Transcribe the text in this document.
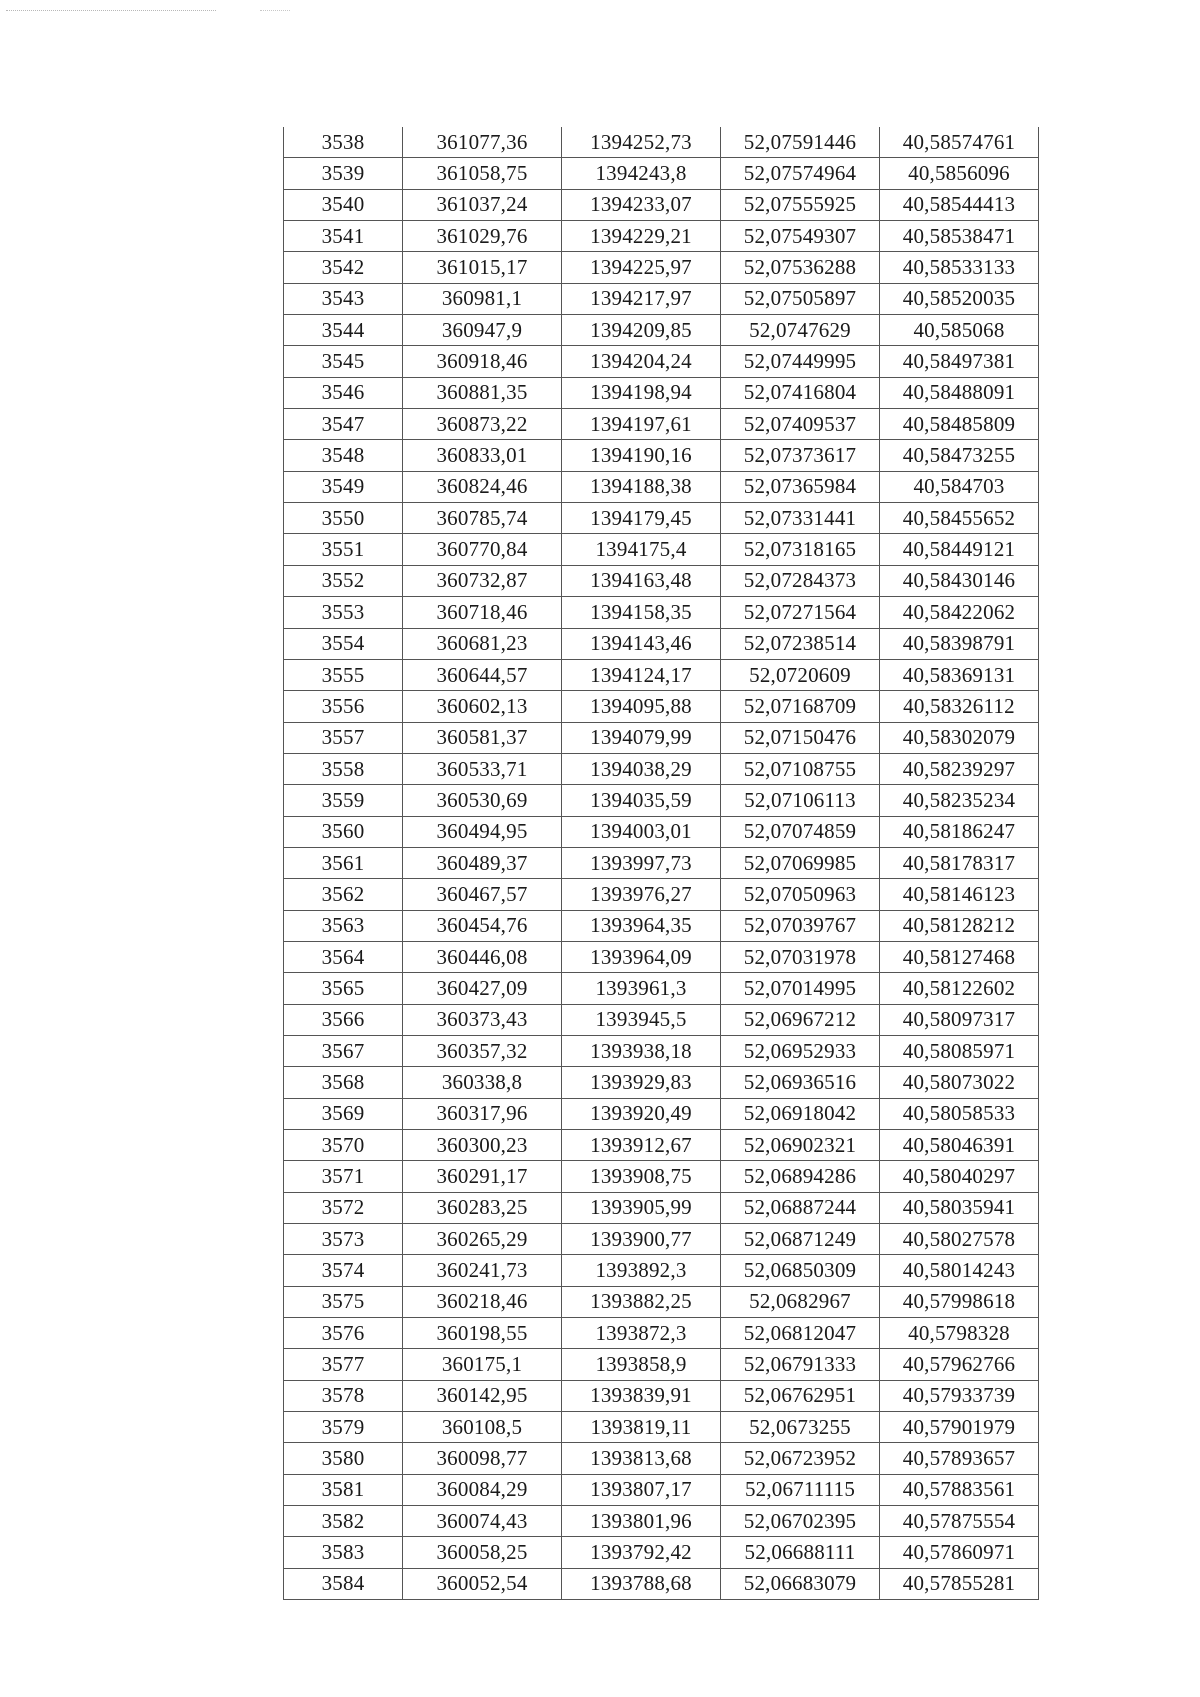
3538	361077,36	1394252,73	52,07591446	40,58574761
3539	361058,75	1394243,8	52,07574964	40,5856096
3540	361037,24	1394233,07	52,07555925	40,58544413
3541	361029,76	1394229,21	52,07549307	40,58538471
3542	361015,17	1394225,97	52,07536288	40,58533133
3543	360981,1	1394217,97	52,07505897	40,58520035
3544	360947,9	1394209,85	52,0747629	40,585068
3545	360918,46	1394204,24	52,07449995	40,58497381
3546	360881,35	1394198,94	52,07416804	40,58488091
3547	360873,22	1394197,61	52,07409537	40,58485809
3548	360833,01	1394190,16	52,07373617	40,58473255
3549	360824,46	1394188,38	52,07365984	40,584703
3550	360785,74	1394179,45	52,07331441	40,58455652
3551	360770,84	1394175,4	52,07318165	40,58449121
3552	360732,87	1394163,48	52,07284373	40,58430146
3553	360718,46	1394158,35	52,07271564	40,58422062
3554	360681,23	1394143,46	52,07238514	40,58398791
3555	360644,57	1394124,17	52,0720609	40,58369131
3556	360602,13	1394095,88	52,07168709	40,58326112
3557	360581,37	1394079,99	52,07150476	40,58302079
3558	360533,71	1394038,29	52,07108755	40,58239297
3559	360530,69	1394035,59	52,07106113	40,58235234
3560	360494,95	1394003,01	52,07074859	40,58186247
3561	360489,37	1393997,73	52,07069985	40,58178317
3562	360467,57	1393976,27	52,07050963	40,58146123
3563	360454,76	1393964,35	52,07039767	40,58128212
3564	360446,08	1393964,09	52,07031978	40,58127468
3565	360427,09	1393961,3	52,07014995	40,58122602
3566	360373,43	1393945,5	52,06967212	40,58097317
3567	360357,32	1393938,18	52,06952933	40,58085971
3568	360338,8	1393929,83	52,06936516	40,58073022
3569	360317,96	1393920,49	52,06918042	40,58058533
3570	360300,23	1393912,67	52,06902321	40,58046391
3571	360291,17	1393908,75	52,06894286	40,58040297
3572	360283,25	1393905,99	52,06887244	40,58035941
3573	360265,29	1393900,77	52,06871249	40,58027578
3574	360241,73	1393892,3	52,06850309	40,58014243
3575	360218,46	1393882,25	52,0682967	40,57998618
3576	360198,55	1393872,3	52,06812047	40,5798328
3577	360175,1	1393858,9	52,06791333	40,57962766
3578	360142,95	1393839,91	52,06762951	40,57933739
3579	360108,5	1393819,11	52,0673255	40,57901979
3580	360098,77	1393813,68	52,06723952	40,57893657
3581	360084,29	1393807,17	52,06711115	40,57883561
3582	360074,43	1393801,96	52,06702395	40,57875554
3583	360058,25	1393792,42	52,06688111	40,57860971
3584	360052,54	1393788,68	52,06683079	40,57855281
